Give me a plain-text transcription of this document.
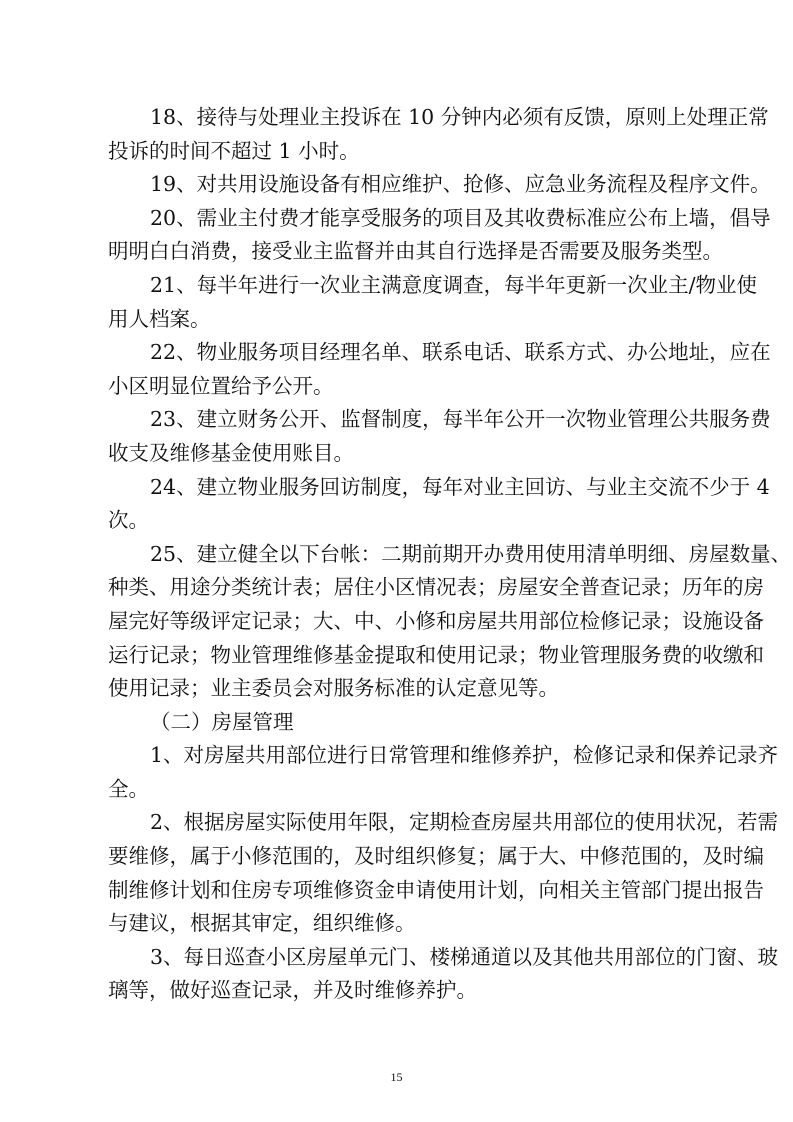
18、接待与处理业主投诉在 10 分钟内必须有反馈，原则上处理正常
投诉的时间不超过 1 小时。
19、对共用设施设备有相应维护、抢修、应急业务流程及程序文件。
20、需业主付费才能享受服务的项目及其收费标准应公布上墙，倡导
明明白白消费，接受业主监督并由其自行选择是否需要及服务类型。
21、每半年进行一次业主满意度调查，每半年更新一次业主/物业使
用人档案。
22、物业服务项目经理名单、联系电话、联系方式、办公地址，应在
小区明显位置给予公开。
23、建立财务公开、监督制度，每半年公开一次物业管理公共服务费
收支及维修基金使用账目。
24、建立物业服务回访制度，每年对业主回访、与业主交流不少于 4
次。
25、建立健全以下台帐：二期前期开办费用使用清单明细、房屋数量、
种类、用途分类统计表；居住小区情况表；房屋安全普查记录；历年的房
屋完好等级评定记录；大、中、小修和房屋共用部位检修记录；设施设备
运行记录；物业管理维修基金提取和使用记录；物业管理服务费的收缴和
使用记录；业主委员会对服务标准的认定意见等。
（二）房屋管理
1、对房屋共用部位进行日常管理和维修养护，检修记录和保养记录齐
全。
2、根据房屋实际使用年限，定期检查房屋共用部位的使用状况，若需
要维修，属于小修范围的，及时组织修复；属于大、中修范围的，及时编
制维修计划和住房专项维修资金申请使用计划，向相关主管部门提出报告
与建议，根据其审定，组织维修。
3、每日巡查小区房屋单元门、楼梯通道以及其他共用部位的门窗、玻
璃等，做好巡查记录，并及时维修养护。
15
